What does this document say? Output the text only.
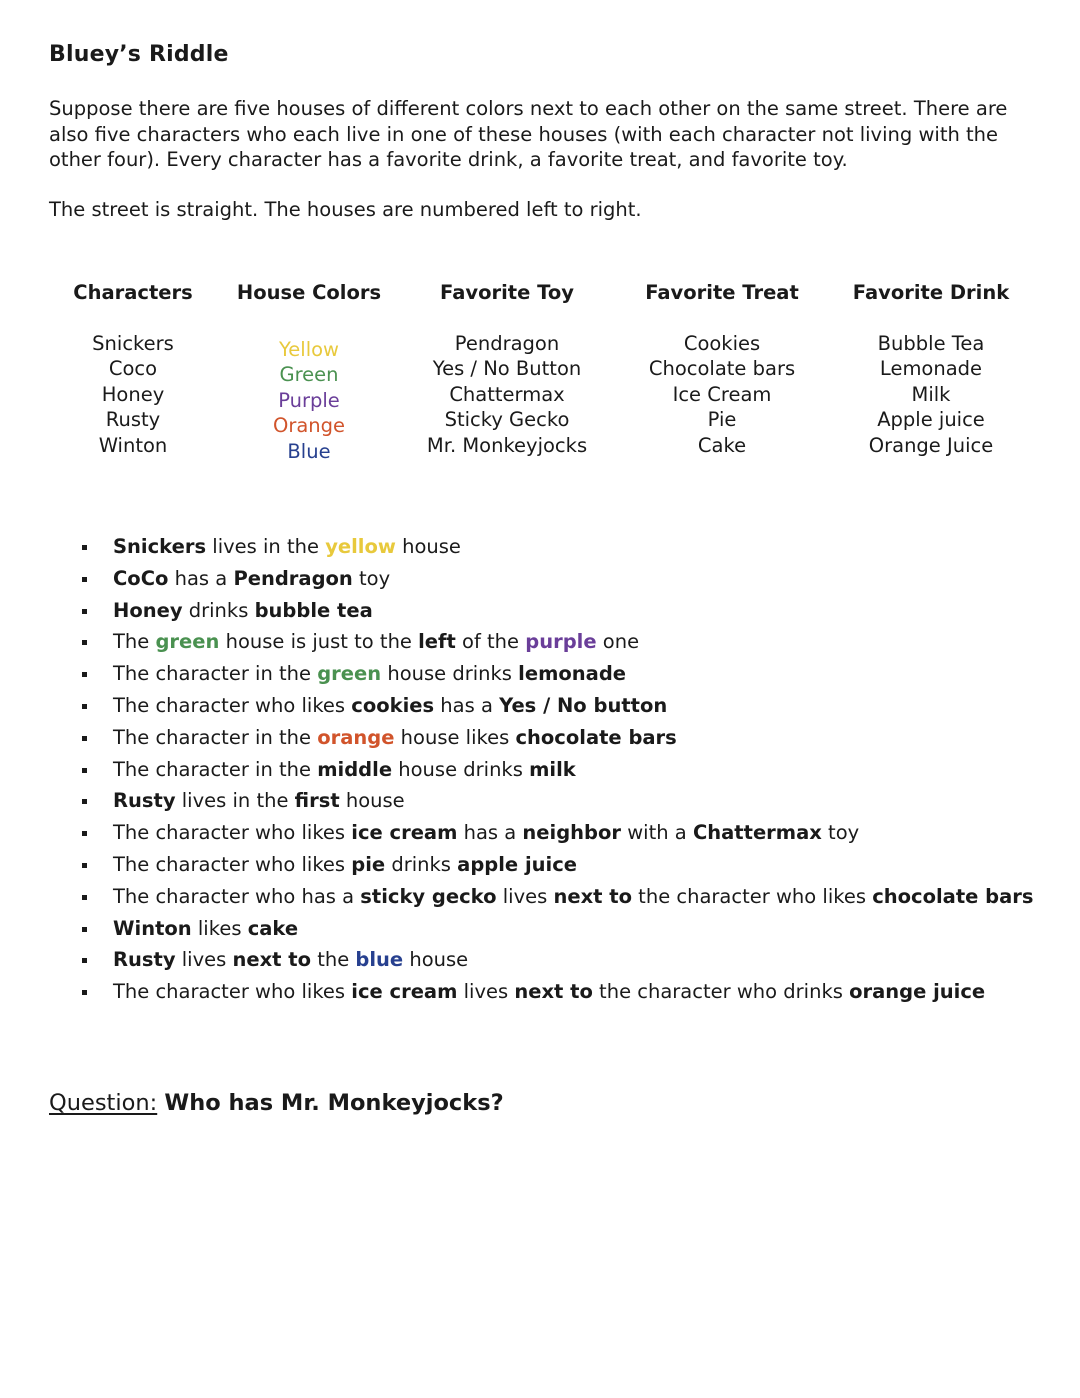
Bluey’s Riddle

Suppose there are five houses of different colors next to each other on the same street. There are also five characters who each live in one of these houses (with each character not living with the other four). Every character has a favorite drink, a favorite treat, and favorite toy.

The street is straight. The houses are numbered left to right.
Characters
Snickers
Coco
Honey
Rusty
Winton
House Colors
Yellow
Green
Purple
Orange
Blue
Favorite Toy
Pendragon
Yes / No Button
Chattermax
Sticky Gecko
Mr. Monkeyjocks
Favorite Treat
Cookies
Chocolate bars
Ice Cream
Pie
Cake
Favorite Drink
Bubble Tea
Lemonade
Milk
Apple juice
Orange Juice
Snickers lives in the yellow house
CoCo has a Pendragon toy
Honey drinks bubble tea
The green house is just to the left of the purple one
The character in the green house drinks lemonade
The character who likes cookies has a Yes / No button
The character in the orange house likes chocolate bars
The character in the middle house drinks milk
Rusty lives in the first house
The character who likes ice cream has a neighbor with a Chattermax toy
The character who likes pie drinks apple juice
The character who has a sticky gecko lives next to the character who likes chocolate bars
Winton likes cake
Rusty lives next to the blue house
The character who likes ice cream lives next to the character who drinks orange juice
Question: Who has Mr. Monkeyjocks?
